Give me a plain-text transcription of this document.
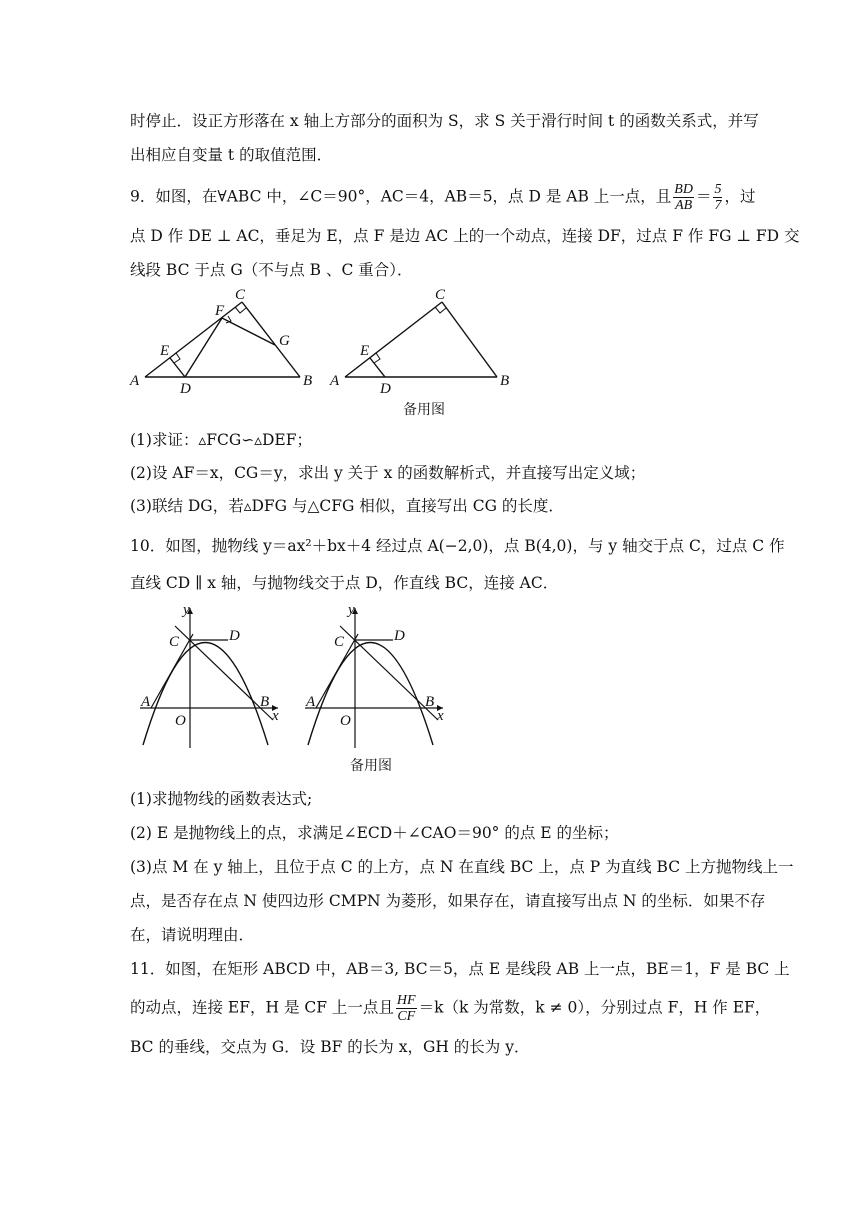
时停止．设正方形落在 x 轴上方部分的面积为 S，求 S 关于滑行时间 t 的函数关系式，并写
出相应自变量 t 的取值范围．
9．如图，在∀ABC 中，∠C＝90°，AC＝4，AB＝5，点 D 是 AB 上一点，且 $\frac{BD}{AB} = \frac{5}{7}$ ，过
点 D 作 DE ⊥ AC，垂足为 E，点 F 是边 AC 上的一个动点，连接 DF，过点 F 作 FG ⊥ FD 交
线段 BC 于点 G（不与点 B 、C 重合）．
A	B
C
D
E
F
G
A	B
C
D
E
备用图
(1)求证：▵FCG∽▵DEF；
(2)设 AF＝x，CG＝y，求出 y 关于 x 的函数解析式，并直接写出定义域；
(3)联结 DG，若▵DFG 与△CFG 相似，直接写出 CG 的长度．
10．如图，抛物线 y＝ax²＋bx＋4 经过点 A(−2,0)，点 B(4,0)，与 y 轴交于点 C，过点 C 作
直线 CD ∥ x 轴，与抛物线交于点 D，作直线 BC，连接 AC．
y
x
O
A	B
C	D
y
x
O
A	B
C	D
备用图
(1)求抛物线的函数表达式;
(2) E 是抛物线上的点，求满足∠ECD＋∠CAO＝90° 的点 E 的坐标；
(3)点 M 在 y 轴上，且位于点 C 的上方，点 N 在直线 BC 上，点 P 为直线 BC 上方抛物线上一
点，是否存在点 N 使四边形 CMPN 为菱形，如果存在，请直接写出点 N 的坐标．如果不存
在，请说明理由．
11．如图，在矩形 ABCD 中，AB＝3, BC＝5，点 E 是线段 AB 上一点，BE＝1，F 是 BC 上
的动点，连接 EF，H 是 CF 上一点且 $\frac{HF}{CF} =k(k$ 为常数，k ≠ 0），分别过点 F，H 作 EF，
BC 的垂线，交点为 G．设 BF 的长为 x，GH 的长为 y．
